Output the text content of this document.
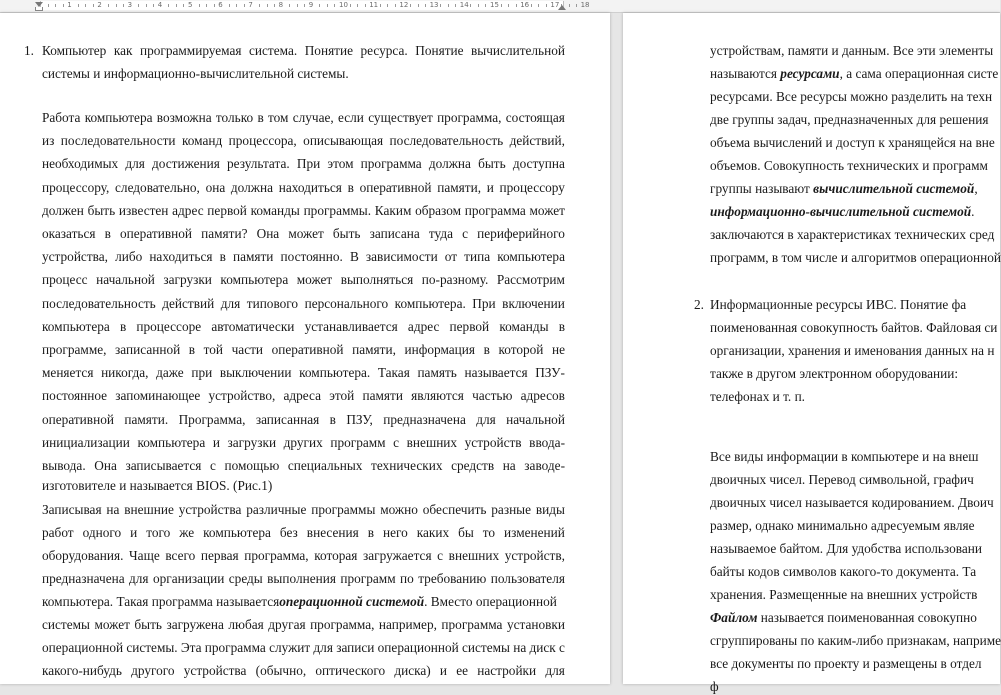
1	2	3	4	5	6	7	8	9	10	11	12	13	14	15	16	17	18
1. Компьютер как программируемая система. Понятие ресурса. Понятие вычислительной
системы и информационно-вычислительной системы.
Работа компьютера возможна только в том случае, если существует программа, состоящая
из последовательности команд процессора, описывающая последовательность действий,
необходимых для достижения результата. При этом программа должна быть доступна
процессору, следовательно, она должна находиться в оперативной памяти, и процессору
должен быть известен адрес первой команды программы. Каким образом программа может
оказаться в оперативной памяти? Она может быть записана туда с периферийного
устройства, либо находиться в памяти постоянно. В зависимости от типа компьютера
процесс начальной загрузки компьютера может выполняться по-разному. Рассмотрим
последовательность действий для типового персонального компьютера. При включении
компьютера в процессоре автоматически устанавливается адрес первой команды в
программе, записанной в той части оперативной памяти, информация в которой не
меняется никогда, даже при выключении компьютера. Такая память называется ПЗУ-
постоянное запоминающее устройство, адреса этой памяти являются частью адресов
оперативной памяти. Программа, записанная в ПЗУ, предназначена для начальной
инициализации компьютера и загрузки других программ с внешних устройств ввода-
вывода. Она записывается с помощью специальных технических средств на заводе-
изготовителе и называется BIOS. (Рис.1)
Записывая на внешние устройства различные программы можно обеспечить разные виды
работ одного и того же компьютера без внесения в него каких бы то изменений
оборудования. Чаще всего первая программа, которая загружается с внешних устройств,
предназначена для организации среды выполнения программ по требованию пользователя
компьютера. Такая программа называетсяоперационной системой. Вместо операционной
системы может быть загружена любая другая программа, например, программа установки
операционной системы. Эта программа служит для записи операционной системы на диск с
какого-нибудь другого устройства (обычно, оптического диска) и ее настройки для
устройствам, памяти и данным. Все эти элементы
называются ресурсами, а сама операционная систе
ресурсами. Все ресурсы можно разделить на техн
две группы задач, предназначенных для решения
объема вычислений и доступ к хранящейся на вне
объемов. Совокупность технических и программ
группы называют вычислительной системой,
информационно-вычислительной системой.
заключаются в характеристиках технических сред
программ, в том числе и алгоритмов операционной
2. Информационные ресурсы ИВС. Понятие фа
поименованная совокупность байтов. Файловая си
организации, хранения и именования данных на н
также в другом электронном оборудовании:
телефонах и т. п.
Все виды информации в компьютере и на внеш
двоичных чисел. Перевод символьной, графич
двоичных чисел называется кодированием. Двоич
размер, однако минимально адресуемым являе
называемое байтом. Для удобства использовани
байты кодов символов какого-то документа. Та
хранения. Размещенные на внешних устройств
Файлом называется поименованная совокупно
сгруппированы по каким-либо признакам, наприме
все документы по проекту и размещены в отдел
ф
